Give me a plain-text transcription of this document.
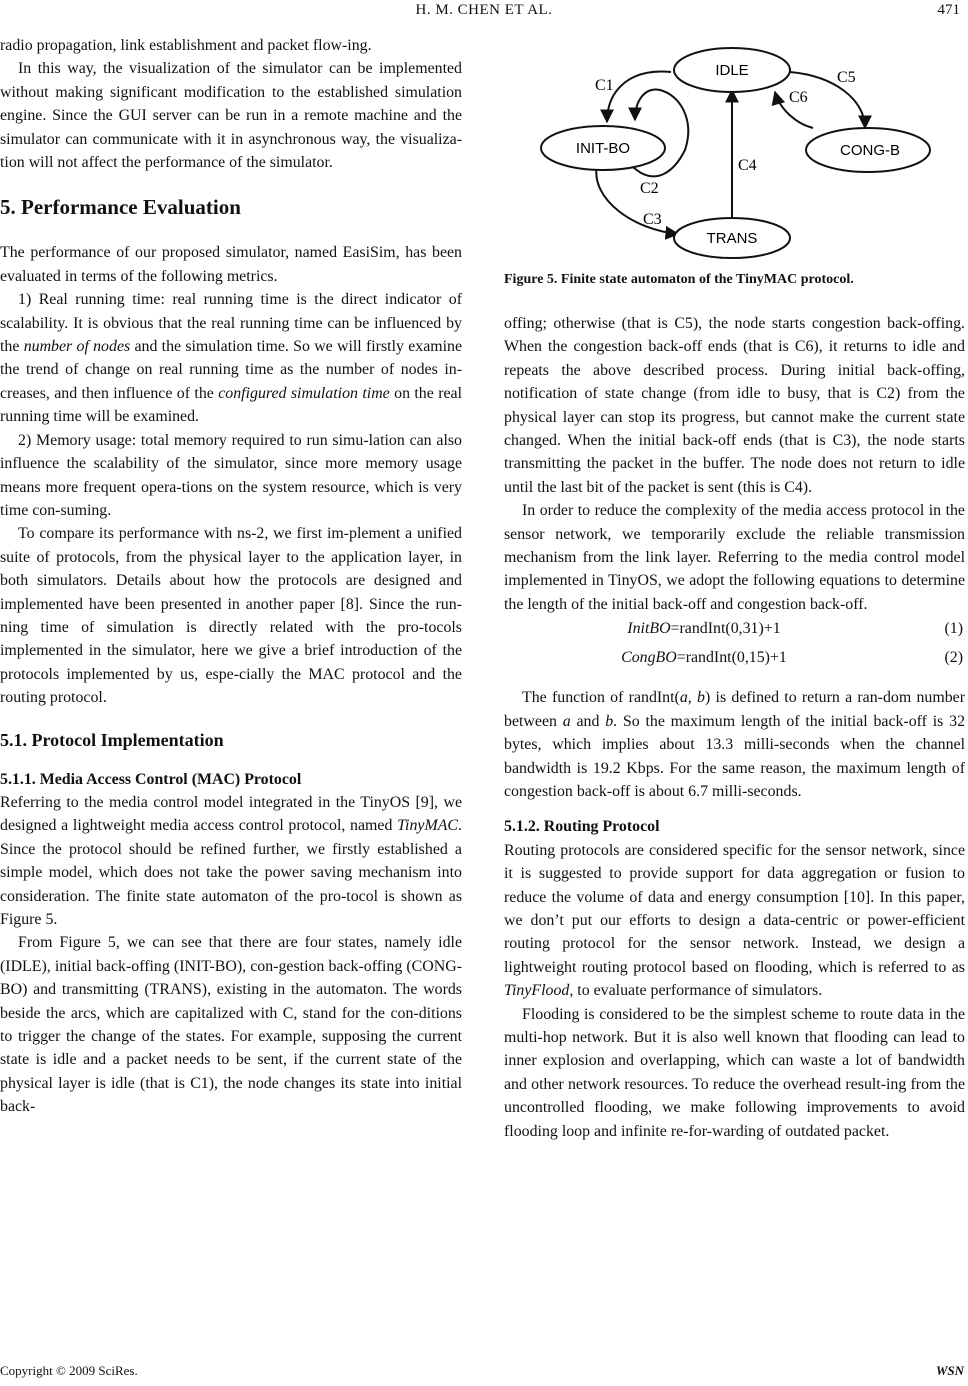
H. M. CHEN ET AL.	471

radio propagation, link establishment and packet flow-ing.

In this way, the visualization of the simulator can be implemented without making significant modification to the established simulation engine. Since the GUI server can be run in a remote machine and the simulator can communicate with it in asynchronous way, the visualiza-tion will not affect the performance of the simulator.

5. Performance Evaluation

The performance of our proposed simulator, named EasiSim, has been evaluated in terms of the following metrics.

1) Real running time: real running time is the direct indicator of scalability. It is obvious that the real running time can be influenced by the number of nodes and the simulation time. So we will firstly examine the trend of change on real running time as the number of nodes in-creases, and then influence of the configured simulation time on the real running time will be examined.

2) Memory usage: total memory required to run simu-lation can also influence the scalability of the simulator, since more memory usage means more frequent opera-tions on the system resource, which is very time con-suming.

To compare its performance with ns-2, we first im-plement a unified suite of protocols, from the physical layer to the application layer, in both simulators. Details about how the protocols are designed and implemented have been presented in another paper [8]. Since the run-ning time of simulation is directly related with the pro-tocols implemented in the simulator, here we give a brief introduction of the protocols implemented by us, espe-cially the MAC protocol and the routing protocol.

5.1. Protocol Implementation
5.1.1. Media Access Control (MAC) Protocol

Referring to the media control model integrated in the TinyOS [9], we designed a lightweight media access control protocol, named TinyMAC. Since the protocol should be refined further, we firstly established a simple model, which does not take the power saving mechanism into consideration. The finite state automaton of the pro-tocol is shown as Figure 5.

From Figure 5, we can see that there are four states, namely idle (IDLE), initial back-offing (INIT-BO), con-gestion back-offing (CONG-BO) and transmitting (TRANS), existing in the automaton. The words beside the arcs, which are capitalized with C, stand for the con-ditions to trigger the change of the states. For example, supposing the current state is idle and a packet needs to be sent, if the current state of the physical layer is idle (that is C1), the node changes its state into initial back-

IDLE
INIT-BO	CONG-B
TRANS
C1
C2
C3
C4
C5
C6
Figure 5. Finite state automaton of the TinyMAC protocol.

offing; otherwise (that is C5), the node starts congestion back-offing. When the congestion back-off ends (that is C6), it returns to idle and repeats the above described process. During initial back-offing, notification of state change (from idle to busy, that is C2) from the physical layer can stop its progress, but cannot make the current state changed. When the initial back-off ends (that is C3), the node starts transmitting the packet in the buffer. The node does not return to idle until the last bit of the packet is sent (this is C4).

In order to reduce the complexity of the media access protocol in the sensor network, we temporarily exclude the reliable transmission mechanism from the link layer. Referring to the media control model implemented in TinyOS, we adopt the following equations to determine the length of the initial back-off and congestion back-off.

InitBO=randInt(0,31)+1	(1)
CongBO=randInt(0,15)+1	(2)

The function of randInt(a, b) is defined to return a ran-dom number between a and b. So the maximum length of the initial back-off is 32 bytes, which implies about 13.3 milli-seconds when the channel bandwidth is 19.2 Kbps. For the same reason, the maximum length of congestion back-off is about 6.7 milli-seconds.

5.1.2. Routing Protocol

Routing protocols are considered specific for the sensor network, since it is suggested to provide support for data aggregation or fusion to reduce the volume of data and energy consumption [10]. In this paper, we don’t put our efforts to design a data-centric or power-efficient routing protocol for the sensor network. Instead, we design a lightweight routing protocol based on flooding, which is referred to as TinyFlood, to evaluate performance of simulators.

Flooding is considered to be the simplest scheme to route data in the multi-hop network. But it is also well known that flooding can lead to inner explosion and overlapping, which can waste a lot of bandwidth and other network resources. To reduce the overhead result-ing from the uncontrolled flooding, we make following improvements to avoid flooding loop and infinite re-for-warding of outdated packet.

Copyright © 2009 SciRes.	WSN
